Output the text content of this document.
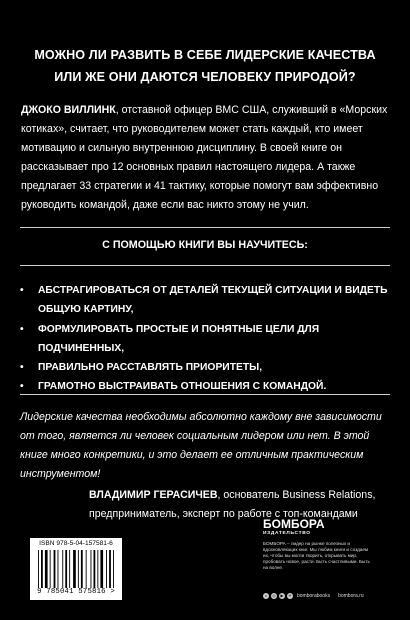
МОЖНО ЛИ РАЗВИТЬ В СЕБЕ ЛИДЕРСКИЕ КАЧЕСТВА
ИЛИ ЖЕ ОНИ ДАЮТСЯ ЧЕЛОВЕКУ ПРИРОДОЙ?
ДЖОКО ВИЛЛИНК, отставной офицер ВМС США, служивший в «Морских котиках», считает, что руководителем может стать каждый, кто имеет мотивацию и сильную внутреннюю дисциплину. В своей книге он рассказывает про 12 основных правил настоящего лидера. А также предлагает 33 стратегии и 41 тактику, которые помогут вам эффективно руководить командой, даже если вас никто этому не учил.
С ПОМОЩЬЮ КНИГИ ВЫ НАУЧИТЕСЬ:
• АБСТРАГИРОВАТЬСЯ ОТ ДЕТАЛЕЙ ТЕКУЩЕЙ СИТУАЦИИ И ВИДЕТЬ ОБЩУЮ КАРТИНУ,
• ФОРМУЛИРОВАТЬ ПРОСТЫЕ И ПОНЯТНЫЕ ЦЕЛИ ДЛЯ ПОДЧИНЕННЫХ,
• ПРАВИЛЬНО РАССТАВЛЯТЬ ПРИОРИТЕТЫ,
• ГРАМОТНО ВЫСТРАИВАТЬ ОТНОШЕНИЯ С КОМАНДОЙ.
Лидерские качества необходимы абсолютно каждому вне зависимости от того, является ли человек социальным лидером или нет. В этой книге много конкретики, и это делает ее отличным практическим инструментом!
ВЛАДИМИР ГЕРАСИЧЕВ, основатель Business Relations, предприниматель, эксперт по работе с топ-командами
ISBN 978-5-04-157581-6
9 785041 575816 >
БОМБОРА
ИЗДАТЕЛЬСТВО
БОМБОРА – лидер на рынке полезных и вдохновляющих книг. Мы любим книги и создаем их, чтобы вы могли творить, открывать мир, пробовать новое, расти. Быть счастливыми. Быть на волне.
v	◎	▶	✈ bomborabooks bombora.ru
